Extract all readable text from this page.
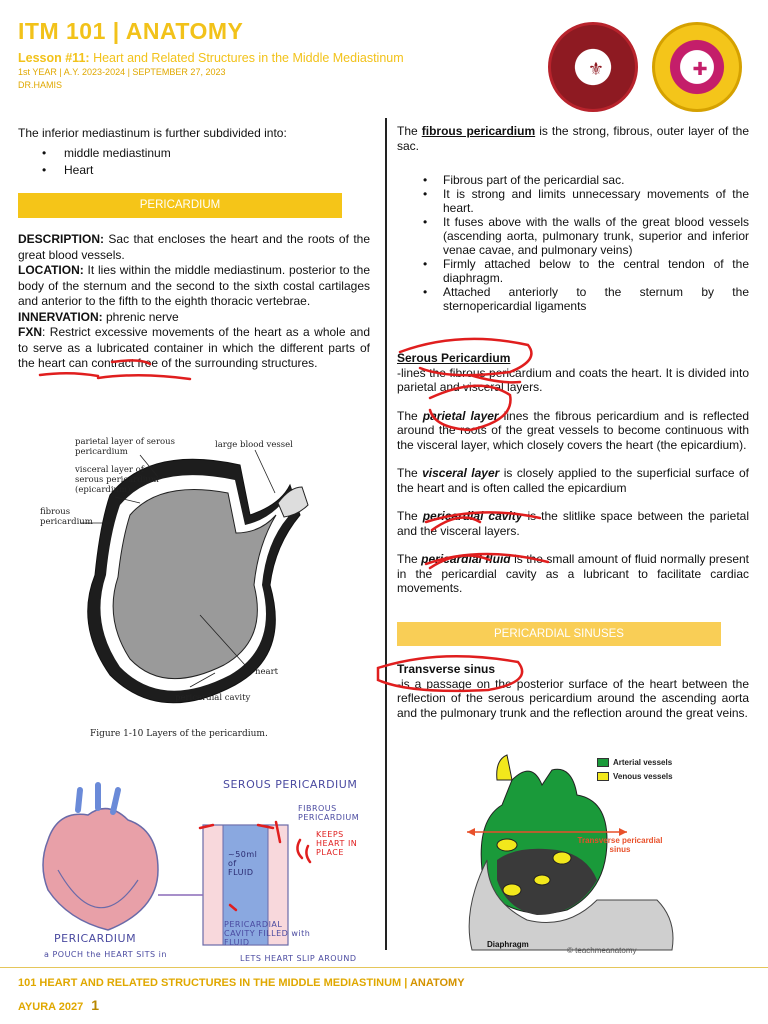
ITM 101 | ANATOMY
Lesson #11: Heart and Related Structures in the Middle Mediastinum
1st YEAR | A.Y. 2023-2024 | SEPTEMBER 27, 2023
DR.HAMIS
⚜	✚

The inferior mediastinum is further subdivided into:

• middle mediastinum
• Heart
PERICARDIUM

DESCRIPTION: Sac that encloses the heart and the roots of the great blood vessels.

LOCATION: It lies within the middle mediastinum. posterior to the body of the sternum and the second to the sixth costal cartilages and anterior to the fifth to the eighth thoracic vertebrae.

INNERVATION: phrenic nerve

FXN: Restrict excessive movements of the heart as a whole and to serve as a lubricated container in which the different parts of the heart can contract free of the surrounding structures.

parietal layer of serous pericardium
large blood vessel
visceral layer of serous pericardium (epicardium)
fibrous pericardium
heart
pericardial cavity
Figure 1-10 Layers of the pericardium.
SEROUS PERICARDIUM
FIBROUS PERICARDIUM
KEEPS HEART IN PLACE
~50ml of FLUID
PERICARDIUM
a POUCH the HEART SITS in
PERICARDIAL CAVITY FILLED with FLUID
LETS HEART SLIP AROUND

The fibrous pericardium is the strong, fibrous, outer layer of the sac.

• Fibrous part of the pericardial sac.
• It is strong and limits unnecessary movements of the heart.
• It fuses above with the walls of the great blood vessels (ascending aorta, pulmonary trunk, superior and inferior venae cavae, and pulmonary veins)
• Firmly attached below to the central tendon of the diaphragm.
• Attached anteriorly to the sternum by the sternopericardial ligaments

Serous Pericardium

-lines the fibrous pericardium and coats the heart. It is divided into parietal and visceral layers.

The parietal layer lines the fibrous pericardium and is reflected around the roots of the great vessels to become continuous with the visceral layer, which closely covers the heart (the epicardium).

The visceral layer is closely applied to the superficial surface of the heart and is often called the epicardium

The pericardial cavity is the slitlike space between the parietal and the visceral layers.

The pericardial fluid is the small amount of fluid normally present in the pericardial cavity as a lubricant to facilitate cardiac movements.

PERICARDIAL SINUSES

Transverse sinus

-is a passage on the posterior surface of the heart between the reflection of the serous pericardium around the ascending aorta and the pulmonary trunk and the reflection around the great veins.

Arterial vessels
Venous vessels
Transverse pericardial sinus
Diaphragm
© teachmeanatomy
101 HEART AND RELATED STRUCTURES IN THE MIDDLE MEDIASTINUM | ANATOMY
AYURA 2027 1
